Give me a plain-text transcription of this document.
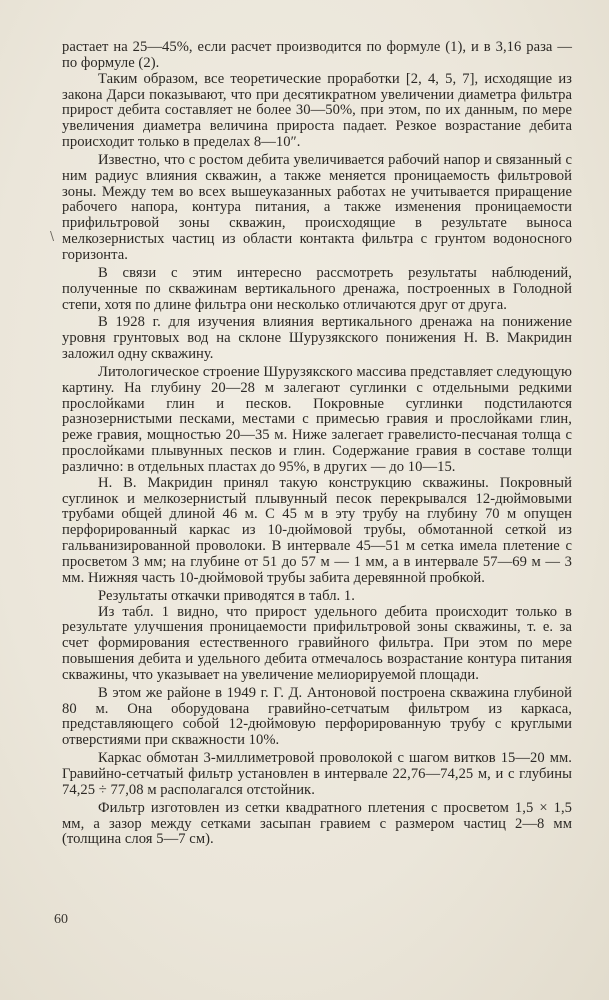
\

растает на 25—45%, если расчет производится по формуле (1), и в 3,16 раза — по формуле (2).

Таким образом, все теоретические проработки [2, 4, 5, 7], исходящие из закона Дарси показывают, что при десятикратном увеличении диаметра фильтра прирост дебита составляет не более 30—50%, при этом, по их данным, по мере увеличения диаметра величина прироста падает. Резкое возрастание дебита происходит только в пределах 8—10″.

Известно, что с ростом дебита увеличивается рабочий напор и связанный с ним радиус влияния скважин, а также меняется проницаемость фильтровой зоны. Между тем во всех вышеуказанных работах не учитывается приращение рабочего напора, контура питания, а также изменения проницаемости прифильтровой зоны скважин, происходящие в результате выноса мелкозернистых частиц из области контакта фильтра с грунтом водоносного горизонта.

В связи с этим интересно рассмотреть результаты наблюдений, полученные по скважинам вертикального дренажа, построенных в Голодной степи, хотя по длине фильтра они несколько отличаются друг от друга.

В 1928 г. для изучения влияния вертикального дренажа на понижение уровня грунтовых вод на склоне Шурузякского понижения Н. В. Макридин заложил одну скважину.

Литологическое строение Шурузякского массива представляет следующую картину. На глубину 20—28 м залегают суглинки с отдельными редкими прослойками глин и песков. Покровные суглинки подстилаются разнозернистыми песками, местами с примесью гравия и прослойками глин, реже гравия, мощностью 20—35 м. Ниже залегает гравелисто-песчаная толща с прослойками плывунных песков и глин. Содержание гравия в составе толщи различно: в отдельных пластах до 95%, в других — до 10—15.

Н. В. Макридин принял такую конструкцию скважины. Покровный суглинок и мелкозернистый плывунный песок перекрывался 12-дюймовыми трубами общей длиной 46 м. С 45 м в эту трубу на глубину 70 м опущен перфорированный каркас из 10-дюймовой трубы, обмотанной сеткой из гальванизированной проволоки. В интервале 45—51 м сетка имела плетение с просветом 3 мм; на глубине от 51 до 57 м — 1 мм, а в интервале 57—69 м — 3 мм. Нижняя часть 10-дюймовой трубы забита деревянной пробкой.

Результаты откачки приводятся в табл. 1.

Из табл. 1 видно, что прирост удельного дебита происходит только в результате улучшения проницаемости прифильтровой зоны скважины, т. е. за счет формирования естественного гравийного фильтра. При этом по мере повышения дебита и удельного дебита отмечалось возрастание контура питания скважины, что указывает на увеличение мелиорируемой площади.

В этом же районе в 1949 г. Г. Д. Антоновой построена скважина глубиной 80 м. Она оборудована гравийно-сетчатым фильтром из каркаса, представляющего собой 12-дюймовую перфорированную трубу с круглыми отверстиями при скважности 10%.

Каркас обмотан 3-миллиметровой проволокой с шагом витков 15—20 мм. Гравийно-сетчатый фильтр установлен в интервале 22,76—74,25 м, и с глубины 74,25 ÷ 77,08 м располагался отстойник.

Фильтр изготовлен из сетки квадратного плетения с просветом 1,5 × 1,5 мм, а зазор между сетками засыпан гравием с размером частиц 2—8 мм (толщина слоя 5—7 см).

60
